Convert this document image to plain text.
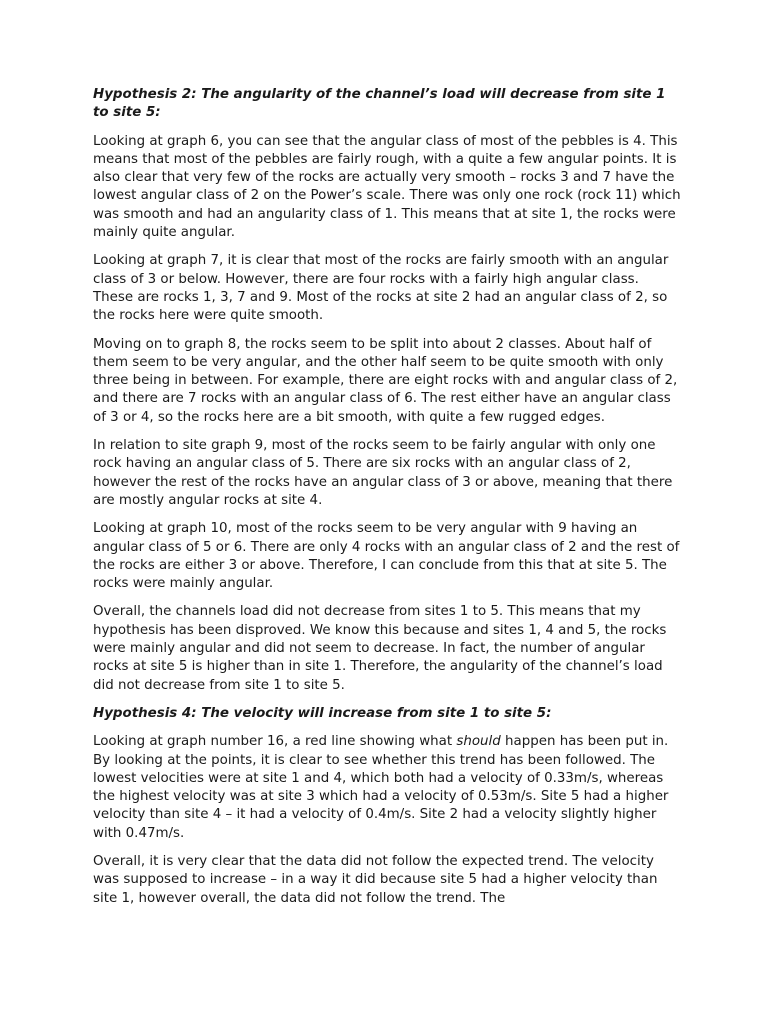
Hypothesis 2: The angularity of the channel’s load will decrease from site 1 to site 5:

Looking at graph 6, you can see that the angular class of most of the pebbles is 4. This means that most of the pebbles are fairly rough, with a quite a few angular points. It is also clear that very few of the rocks are actually very smooth – rocks 3 and 7 have the lowest angular class of 2 on the Power’s scale. There was only one rock (rock 11) which was smooth and had an angularity class of 1. This means that at site 1, the rocks were mainly quite angular.

Looking at graph 7, it is clear that most of the rocks are fairly smooth with an angular class of 3 or below. However, there are four rocks with a fairly high angular class. These are rocks 1, 3, 7 and 9. Most of the rocks at site 2 had an angular class of 2, so the rocks here were quite smooth.

Moving on to graph 8, the rocks seem to be split into about 2 classes. About half of them seem to be very angular, and the other half seem to be quite smooth with only three being in between. For example, there are eight rocks with and angular class of 2, and there are 7 rocks with an angular class of 6. The rest either have an angular class of 3 or 4, so the rocks here are a bit smooth, with quite a few rugged edges.

In relation to site graph 9, most of the rocks seem to be fairly angular with only one rock having an angular class of 5. There are six rocks with an angular class of 2, however the rest of the rocks have an angular class of 3 or above, meaning that there are mostly angular rocks at site 4.

Looking at graph 10, most of the rocks seem to be very angular with 9 having an angular class of 5 or 6. There are only 4 rocks with an angular class of 2 and the rest of the rocks are either 3 or above. Therefore, I can conclude from this that at site 5. The rocks were mainly angular.

Overall, the channels load did not decrease from sites 1 to 5. This means that my hypothesis has been disproved. We know this because and sites 1, 4 and 5, the rocks were mainly angular and did not seem to decrease. In fact, the number of angular rocks at site 5 is higher than in site 1. Therefore, the angularity of the channel’s load did not decrease from site 1 to site 5.

Hypothesis 4: The velocity will increase from site 1 to site 5:

Looking at graph number 16, a red line showing what should happen has been put in. By looking at the points, it is clear to see whether this trend has been followed. The lowest velocities were at site 1 and 4, which both had a velocity of 0.33m/s, whereas the highest velocity was at site 3 which had a velocity of 0.53m/s. Site 5 had a higher velocity than site 4 – it had a velocity of 0.4m/s. Site 2 had a velocity slightly higher with 0.47m/s.

Overall, it is very clear that the data did not follow the expected trend. The velocity was supposed to increase – in a way it did because site 5 had a higher velocity than site 1, however overall, the data did not follow the trend. The
